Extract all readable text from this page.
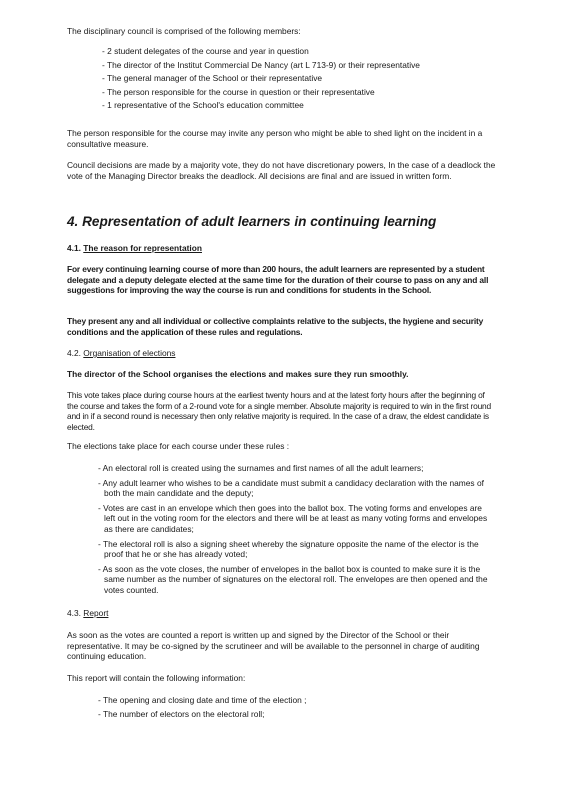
The disciplinary council is comprised of the following members:

- 2 student delegates of the course and year in question
- The director of the Institut Commercial De Nancy (art L 713-9) or their representative
- The general manager of the School or their representative
- The person responsible for the course in question or their representative
- 1 representative of the School's education committee

The person responsible for the course may invite any person who might be able to shed light on the incident in a consultative measure.

Council decisions are made by a majority vote, they do not have discretionary powers, In the case of a deadlock the vote of the Managing Director breaks the deadlock. All decisions are final and are issued in written form.

4. Representation of adult learners in continuing learning

4.1. The reason for representation

For every continuing learning course of more than 200 hours, the adult learners are represented by a student delegate and a deputy delegate elected at the same time for the duration of their course to pass on any and all suggestions for improving the way the course is run and conditions for students in the School.

They present any and all individual or collective complaints relative to the subjects, the hygiene and security conditions and the application of these rules and regulations.

4.2. Organisation of elections

The director of the School organises the elections and makes sure they run smoothly.

This vote takes place during course hours at the earliest twenty hours and at the latest forty hours after the beginning of the course and takes the form of a 2-round vote for a single member. Absolute majority is required to win in the first round and in if a second round is necessary then only relative majority is required. In the case of a draw, the eldest candidate is elected.

The elections take place for each course under these rules :

- An electoral roll is created using the surnames and first names of all the adult learners;
- Any adult learner who wishes to be a candidate must submit a candidacy declaration with the names of both the main candidate and the deputy;
- Votes are cast in an envelope which then goes into the ballot box. The voting forms and envelopes are left out in the voting room for the electors and there will be at least as many voting forms and envelopes as there are candidates;
- The electoral roll is also a signing sheet whereby the signature opposite the name of the elector is the proof that he or she has already voted;
- As soon as the vote closes, the number of envelopes in the ballot box is counted to make sure it is the same number as the number of signatures on the electoral roll. The envelopes are then opened and the votes counted.

4.3. Report

As soon as the votes are counted a report is written up and signed by the Director of the School or their representative. It may be co-signed by the scrutineer and will be available to the personnel in charge of auditing continuing education.

This report will contain the following information:

- The opening and closing date and time of the election ;
- The number of electors on the electoral roll;
